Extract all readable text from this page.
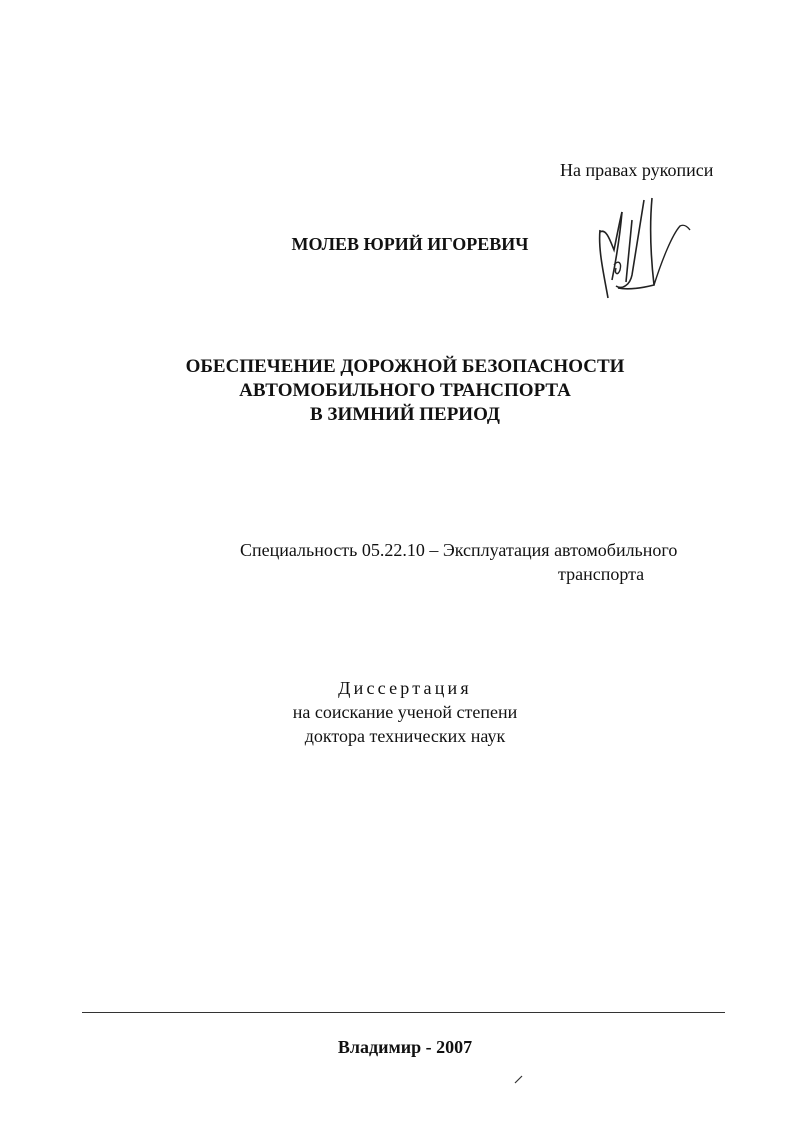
На правах рукописи
МОЛЕВ ЮРИЙ ИГОРЕВИЧ
ОБЕСПЕЧЕНИЕ ДОРОЖНОЙ БЕЗОПАСНОСТИ
АВТОМОБИЛЬНОГО ТРАНСПОРТА
В ЗИМНИЙ ПЕРИОД
Специальность 05.22.10 – Эксплуатация автомобильного
транспорта
Диссертация
на соискание ученой степени
доктора технических наук
Владимир - 2007
